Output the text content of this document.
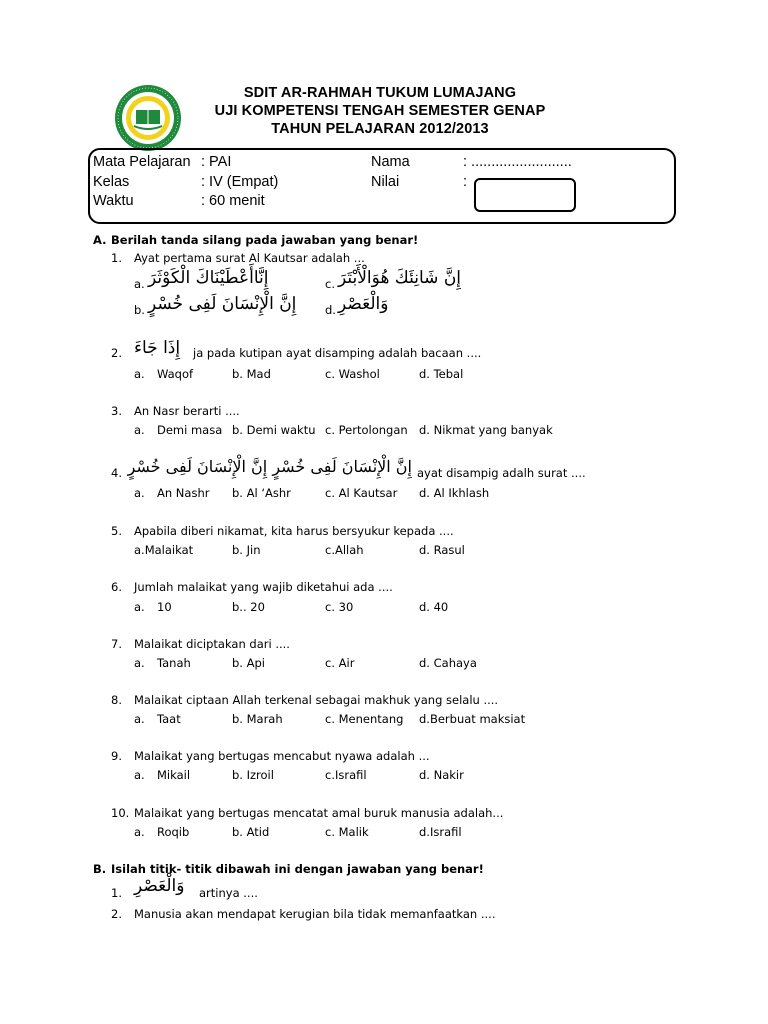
SDIT AR-RAHMAH TUKUM LUMAJANG
UJI KOMPETENSI TENGAH SEMESTER GENAP
TAHUN PELAJARAN 2012/2013
Mata Pelajaran : PAI
Kelas	: IV (Empat)
Waktu	: 60 menit
Nama	: .........................
Nilai	:
A. Berilah tanda silang pada jawaban yang benar!
1. Ayat pertama surat Al Kautsar adalah ...
a. إِنَّاأَعْطَيْنَاكَ الْكَوْثَرَ	c. إِنَّ شَانِئَكَ هُوَالْأَبْتَرَ
b. إِنَّ الْإِنْسَانَ لَفِى خُسْرٍ d. وَالْعَصْرِ
2. إِذَا جَاءَ	ja pada kutipan ayat disamping adalah bacaan ....
a. Waqof	b. Mad	c. Washol	d. Tebal
3. An Nasr berarti ....
a. Demi masa b. Demi waktu c. Pertolongan d. Nikmat yang banyak
4. إِنَّ الْإِنْسَانَ لَفِى خُسْرٍ إِنَّ الْإِنْسَانَ لَفِى خُسْرٍ ayat disampig adalh surat ....
a. An Nashr b. Al ‘Ashr	c. Al Kautsar d. Al Ikhlash
5. Apabila diberi nikamat, kita harus bersyukur kepada ....
a.Malaikat	b. Jin	c.Allah	d. Rasul
6. Jumlah malaikat yang wajib diketahui ada ....
a. 10	b.. 20	c. 30	d. 40
7. Malaikat diciptakan dari ....
a. Tanah	b. Api	c. Air	d. Cahaya
8. Malaikat ciptaan Allah terkenal sebagai makhuk yang selalu ....
a. Taat	b. Marah	c. Menentang d.Berbuat maksiat
9. Malaikat yang bertugas mencabut nyawa adalah ...
a. Mikail	b. Izroil	c.Israfil	d. Nakir
10. Malaikat yang bertugas mencatat amal buruk manusia adalah...
a. Roqib	b. Atid	c. Malik	d.Israfil
B. Isilah titik- titik dibawah ini dengan jawaban yang benar!
1. وَالْعَصْرِ	artinya ....
2. Manusia akan mendapat kerugian bila tidak memanfaatkan ....
